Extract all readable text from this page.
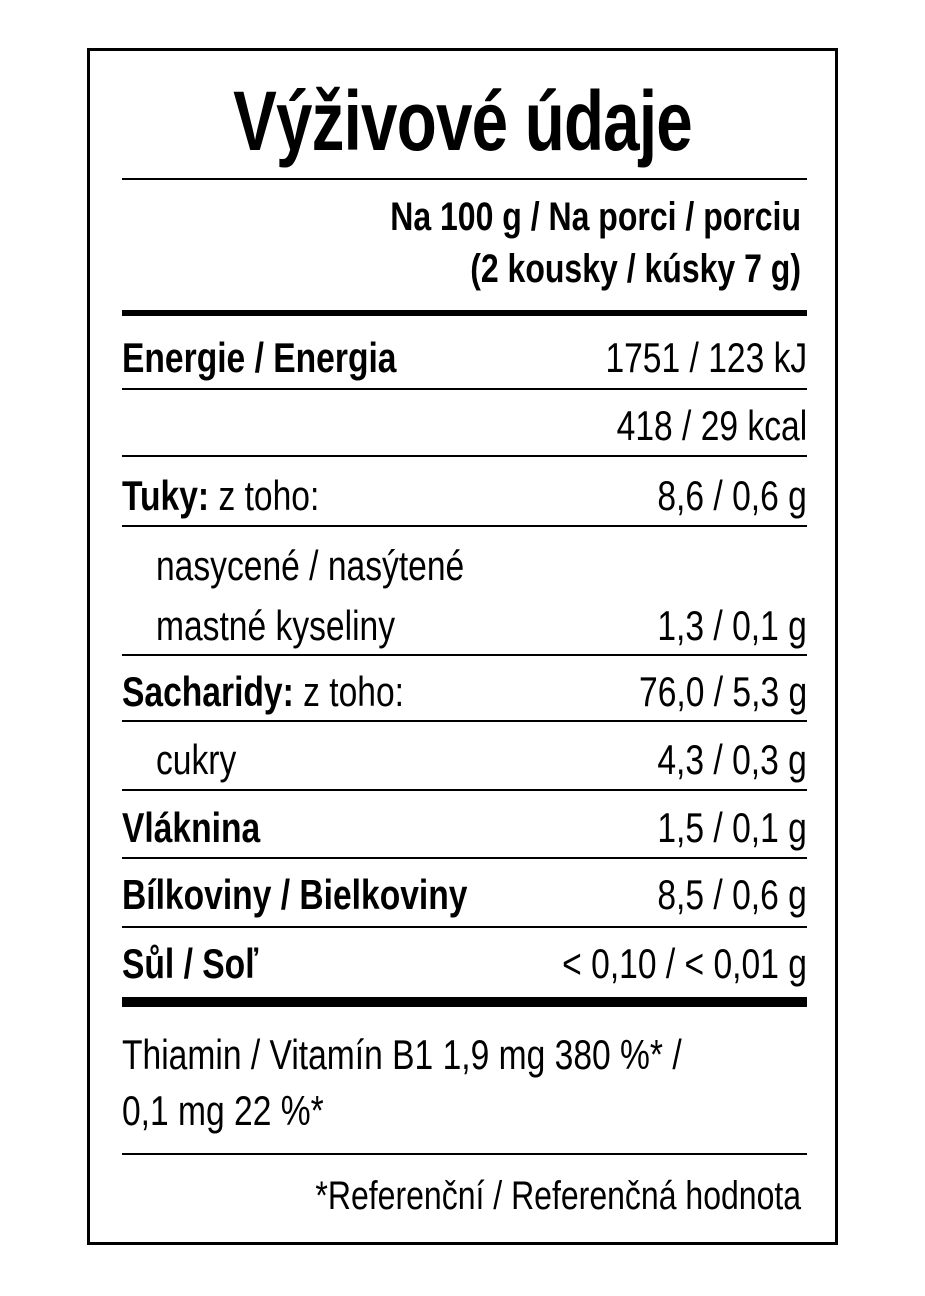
Výživové údaje
Na 100 g / Na porci / porciu
(2 kousky / kúsky 7 g)
Energie / Energia	1751 / 123 kJ
418 / 29 kcal
Tuky: z toho:	8,6 / 0,6 g
nasycené / nasýtené
mastné kyseliny	1,3 / 0,1 g
Sacharidy: z toho:	76,0 / 5,3 g
cukry	4,3 / 0,3 g
Vláknina	1,5 / 0,1 g
Bílkoviny / Bielkoviny	8,5 / 0,6 g
Sůl / Soľ	< 0,10 / < 0,01 g
Thiamin / Vitamín B1 1,9 mg 380 %* /
0,1 mg 22 %*
*Referenční / Referenčná hodnota
